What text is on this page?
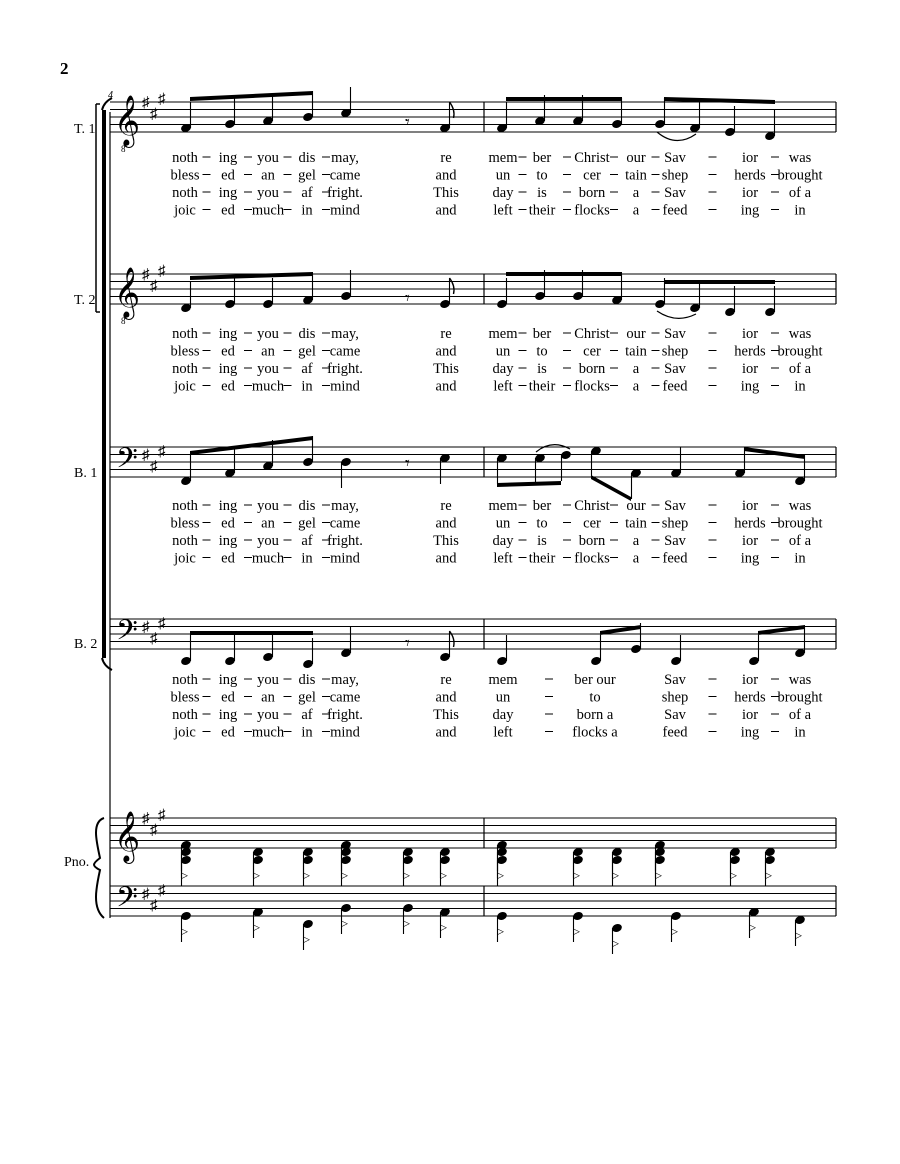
2
4
T. 1
T. 2
B. 1
B. 2
Pno.
𝄞
8
♯
♯
♯
𝄞
8
♯
♯
♯
𝄢 ♯
♯
♯
𝄢 ♯
♯
♯
𝄞 ♯
♯
♯
𝄢 ♯
♯
♯
𝄾
𝄾
𝄾
𝄾
>	>	> >	> >	>	> >	>	> >
>	>
>
>	> >	>	>
>
>	>
>
noth ing you dis may,	re	mem ber Christ our Sav	ior was
bless ed an gel came	and	un to cer tain shep	herds brought
noth ing you af fright.	This day is born a Sav	ior of a
joic ed much in mind	and	left their flocks a feed	ing in
noth ing you dis may,	re	mem ber Christ our Sav	ior was
bless ed an gel came	and	un to cer tain shep	herds brought
noth ing you af fright.	This day is born a Sav	ior of a
joic ed much in mind	and	left their flocks a feed	ing in
noth ing you dis may,	re	mem ber Christ our Sav	ior was
bless ed an gel came	and	un to cer tain shep	herds brought
noth ing you af fright.	This day is born a Sav	ior of a
joic ed much in mind	and	left their flocks a feed	ing in
noth ing you dis may,	re	mem	ber our	Sav	ior was
bless ed an gel came	and	un	to	shep	herds brought
noth ing you af fright.	This day	born a	Sav	ior of a
joic ed much in mind	and	left	flocks a	feed	ing in
